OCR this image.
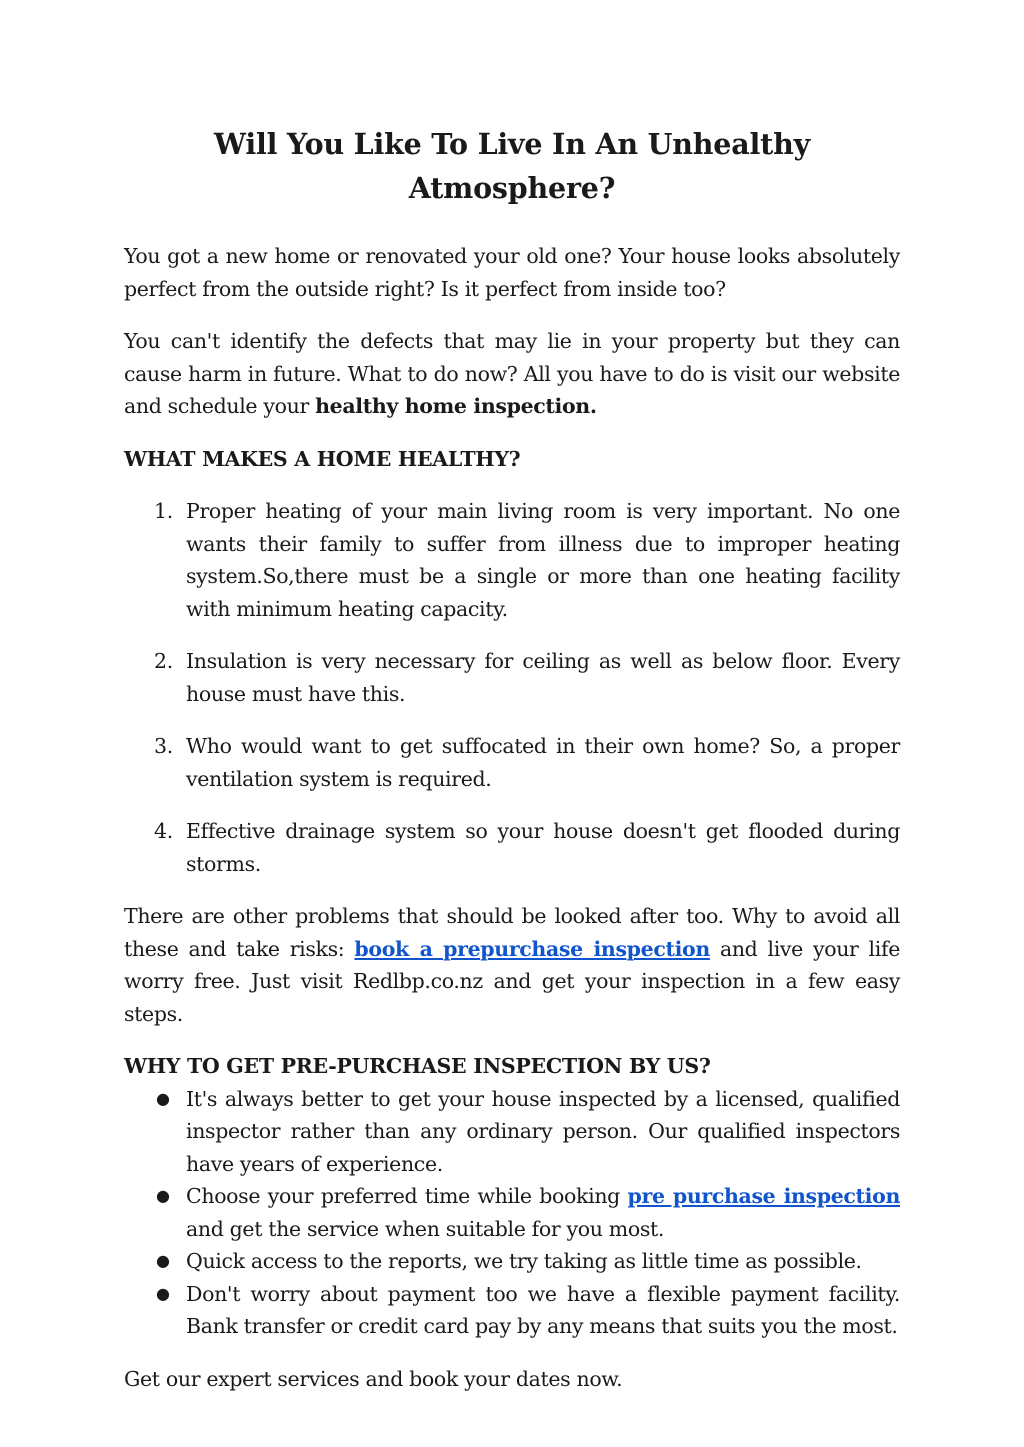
Will You Like To Live In An Unhealthy Atmosphere?

You got a new home or renovated your old one? Your house looks absolutely perfect from the outside right? Is it perfect from inside too?

You can't identify the defects that may lie in your property but they can cause harm in future. What to do now? All you have to do is visit our website and schedule your healthy home inspection.

WHAT MAKES A HOME HEALTHY?
1. Proper heating of your main living room is very important. No one wants their family to suffer from illness due to improper heating system.So,there must be a single or more than one heating facility with minimum heating capacity.
2. Insulation is very necessary for ceiling as well as below floor. Every house must have this.
3. Who would want to get suffocated in their own home? So, a proper ventilation system is required.
4. Effective drainage system so your house doesn't get flooded during storms.

There are other problems that should be looked after too. Why to avoid all these and take risks: book a prepurchase inspection and live your life worry free. Just visit Redlbp.co.nz and get your inspection in a few easy steps.

WHY TO GET PRE-PURCHASE INSPECTION BY US?
● It's always better to get your house inspected by a licensed, qualified inspector rather than any ordinary person. Our qualified inspectors have years of experience.
● Choose your preferred time while booking pre purchase inspection and get the service when suitable for you most.
● Quick access to the reports, we try taking as little time as possible.
● Don't worry about payment too we have a flexible payment facility. Bank transfer or credit card pay by any means that suits you the most.

Get our expert services and book your dates now.
